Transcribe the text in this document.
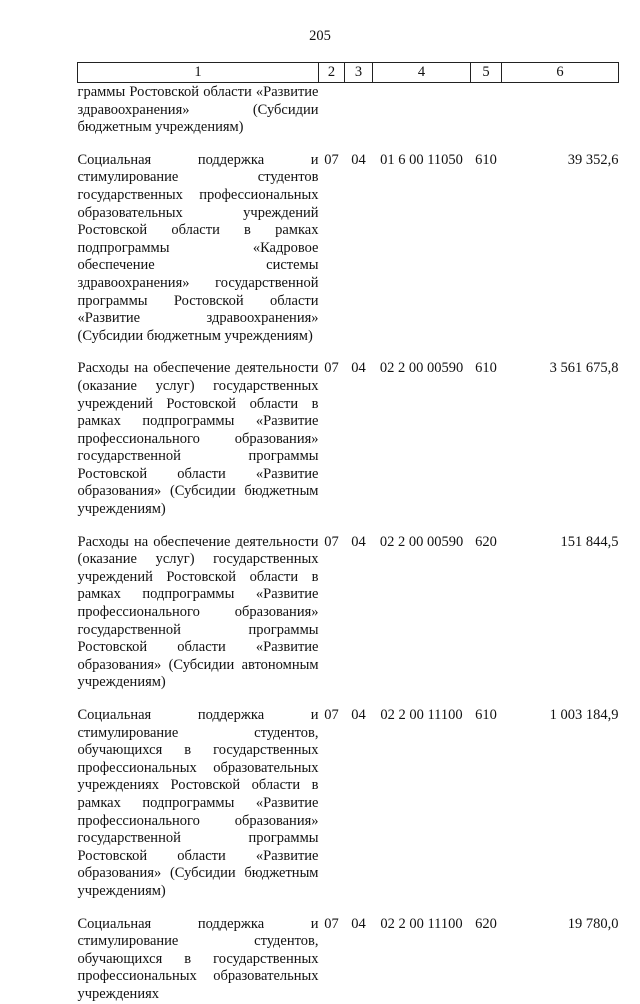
205
1	2	3	4	5	6
граммы Ростовской области «Развитие здравоохранения» (Субсидии бюджетным учреждениям)					
Социальная поддержка и стимулирование студентов государственных профессиональных образовательных учреждений Ростовской области в рамках подпрограммы «Кадровое обеспечение системы здравоохранения» государственной программы Ростовской области «Развитие здравоохранения» (Субсидии бюджетным учреждениям)	07	04	01 6 00 11050	610	39 352,6
Расходы на обеспечение деятельности (оказание услуг) государственных учреждений Ростовской области в рамках подпрограммы «Развитие профессионального образования» государственной программы Ростовской области «Развитие образования» (Субсидии бюджетным учреждениям)	07	04	02 2 00 00590	610	3 561 675,8
Расходы на обеспечение деятельности (оказание услуг) государственных учреждений Ростовской области в рамках подпрограммы «Развитие профессионального образования» государственной программы Ростовской области «Развитие образования» (Субсидии автономным учреждениям)	07	04	02 2 00 00590	620	151 844,5
Социальная поддержка и стимулирование студентов, обучающихся в государственных профессиональных образовательных учреждениях Ростовской области в рамках подпрограммы «Развитие профессионального образования» государственной программы Ростовской области «Развитие образования» (Субсидии бюджетным учреждениям)	07	04	02 2 00 11100	610	1 003 184,9
Социальная поддержка и стимулирование студентов, обучающихся в государственных профессиональных образовательных учреждениях	07	04	02 2 00 11100	620	19 780,0
